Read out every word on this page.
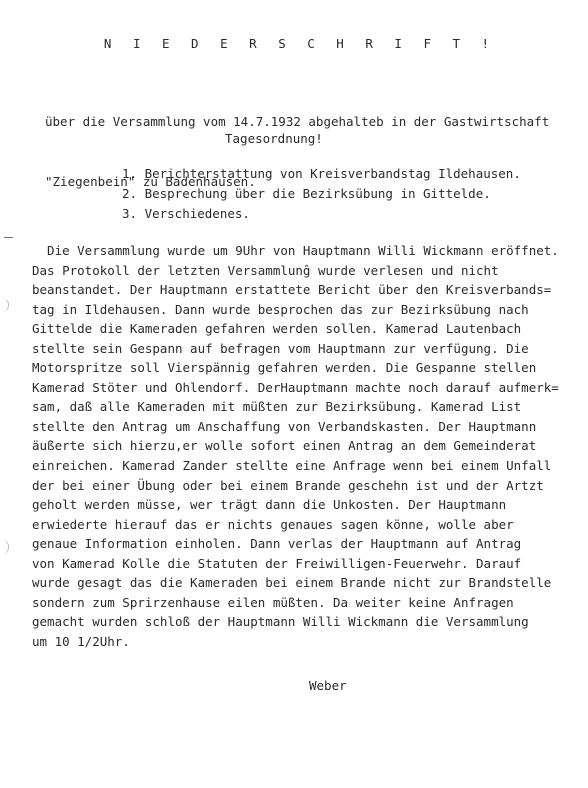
N I E D E R S C H R I F T !

über die Versammlung vom 14.7.1932 abgehalteb in der Gastwirtschaft

"Ziegenbein" zu Badenhausen.

Tagesordnung!
1. Berichterstattung von Kreisverbandstag Ildehausen.
2. Besprechung über die Bezirksübung in Gittelde.
3. Verschiedenes.
Die Versammlung wurde um 9Uhr von Hauptmann Willi Wickmann eröffnet.
Das Protokoll der letzten Versammlunĝ wurde verlesen und nicht
beanstandet. Der Hauptmann erstattete Bericht über den Kreisverbands=
tag in Ildehausen. Dann wurde besprochen das zur Bezirksübung nach
Gittelde die Kameraden gefahren werden sollen. Kamerad Lautenbach
stellte sein Gespann auf befragen vom Hauptmann zur verfügung. Die
Motorspritze soll Vierspännig gefahren werden. Die Gespanne stellen
Kamerad Stöter und Ohlendorf. DerHauptmann machte noch darauf aufmerk=
sam, daß alle Kameraden mit müßten zur Bezirksübung. Kamerad List
stellte den Antrag um Anschaffung von Verbandskasten. Der Hauptmann
äußerte sich hierzu,er wolle sofort einen Antrag an dem Gemeinderat
einreichen. Kamerad Zander stellte eine Anfrage wenn bei einem Unfall
der bei einer Übung oder bei einem Brande geschehn ist und der Artzt
geholt werden müsse, wer trägt dann die Unkosten. Der Hauptmann
erwiederte hierauf das er nichts genaues sagen könne, wolle aber
genaue Information einholen. Dann verlas der Hauptmann auf Antrag
von Kamerad Kolle die Statuten der Freiwilligen-Feuerwehr. Darauf
wurde gesagt das die Kameraden bei einem Brande nicht zur Brandstelle
sondern zum Sprirzenhause eilen müßten. Da weiter keine Anfragen
gemacht wurden schloß der Hauptmann Willi Wickmann die Versammlung
um 10 1/2Uhr.
Weber
